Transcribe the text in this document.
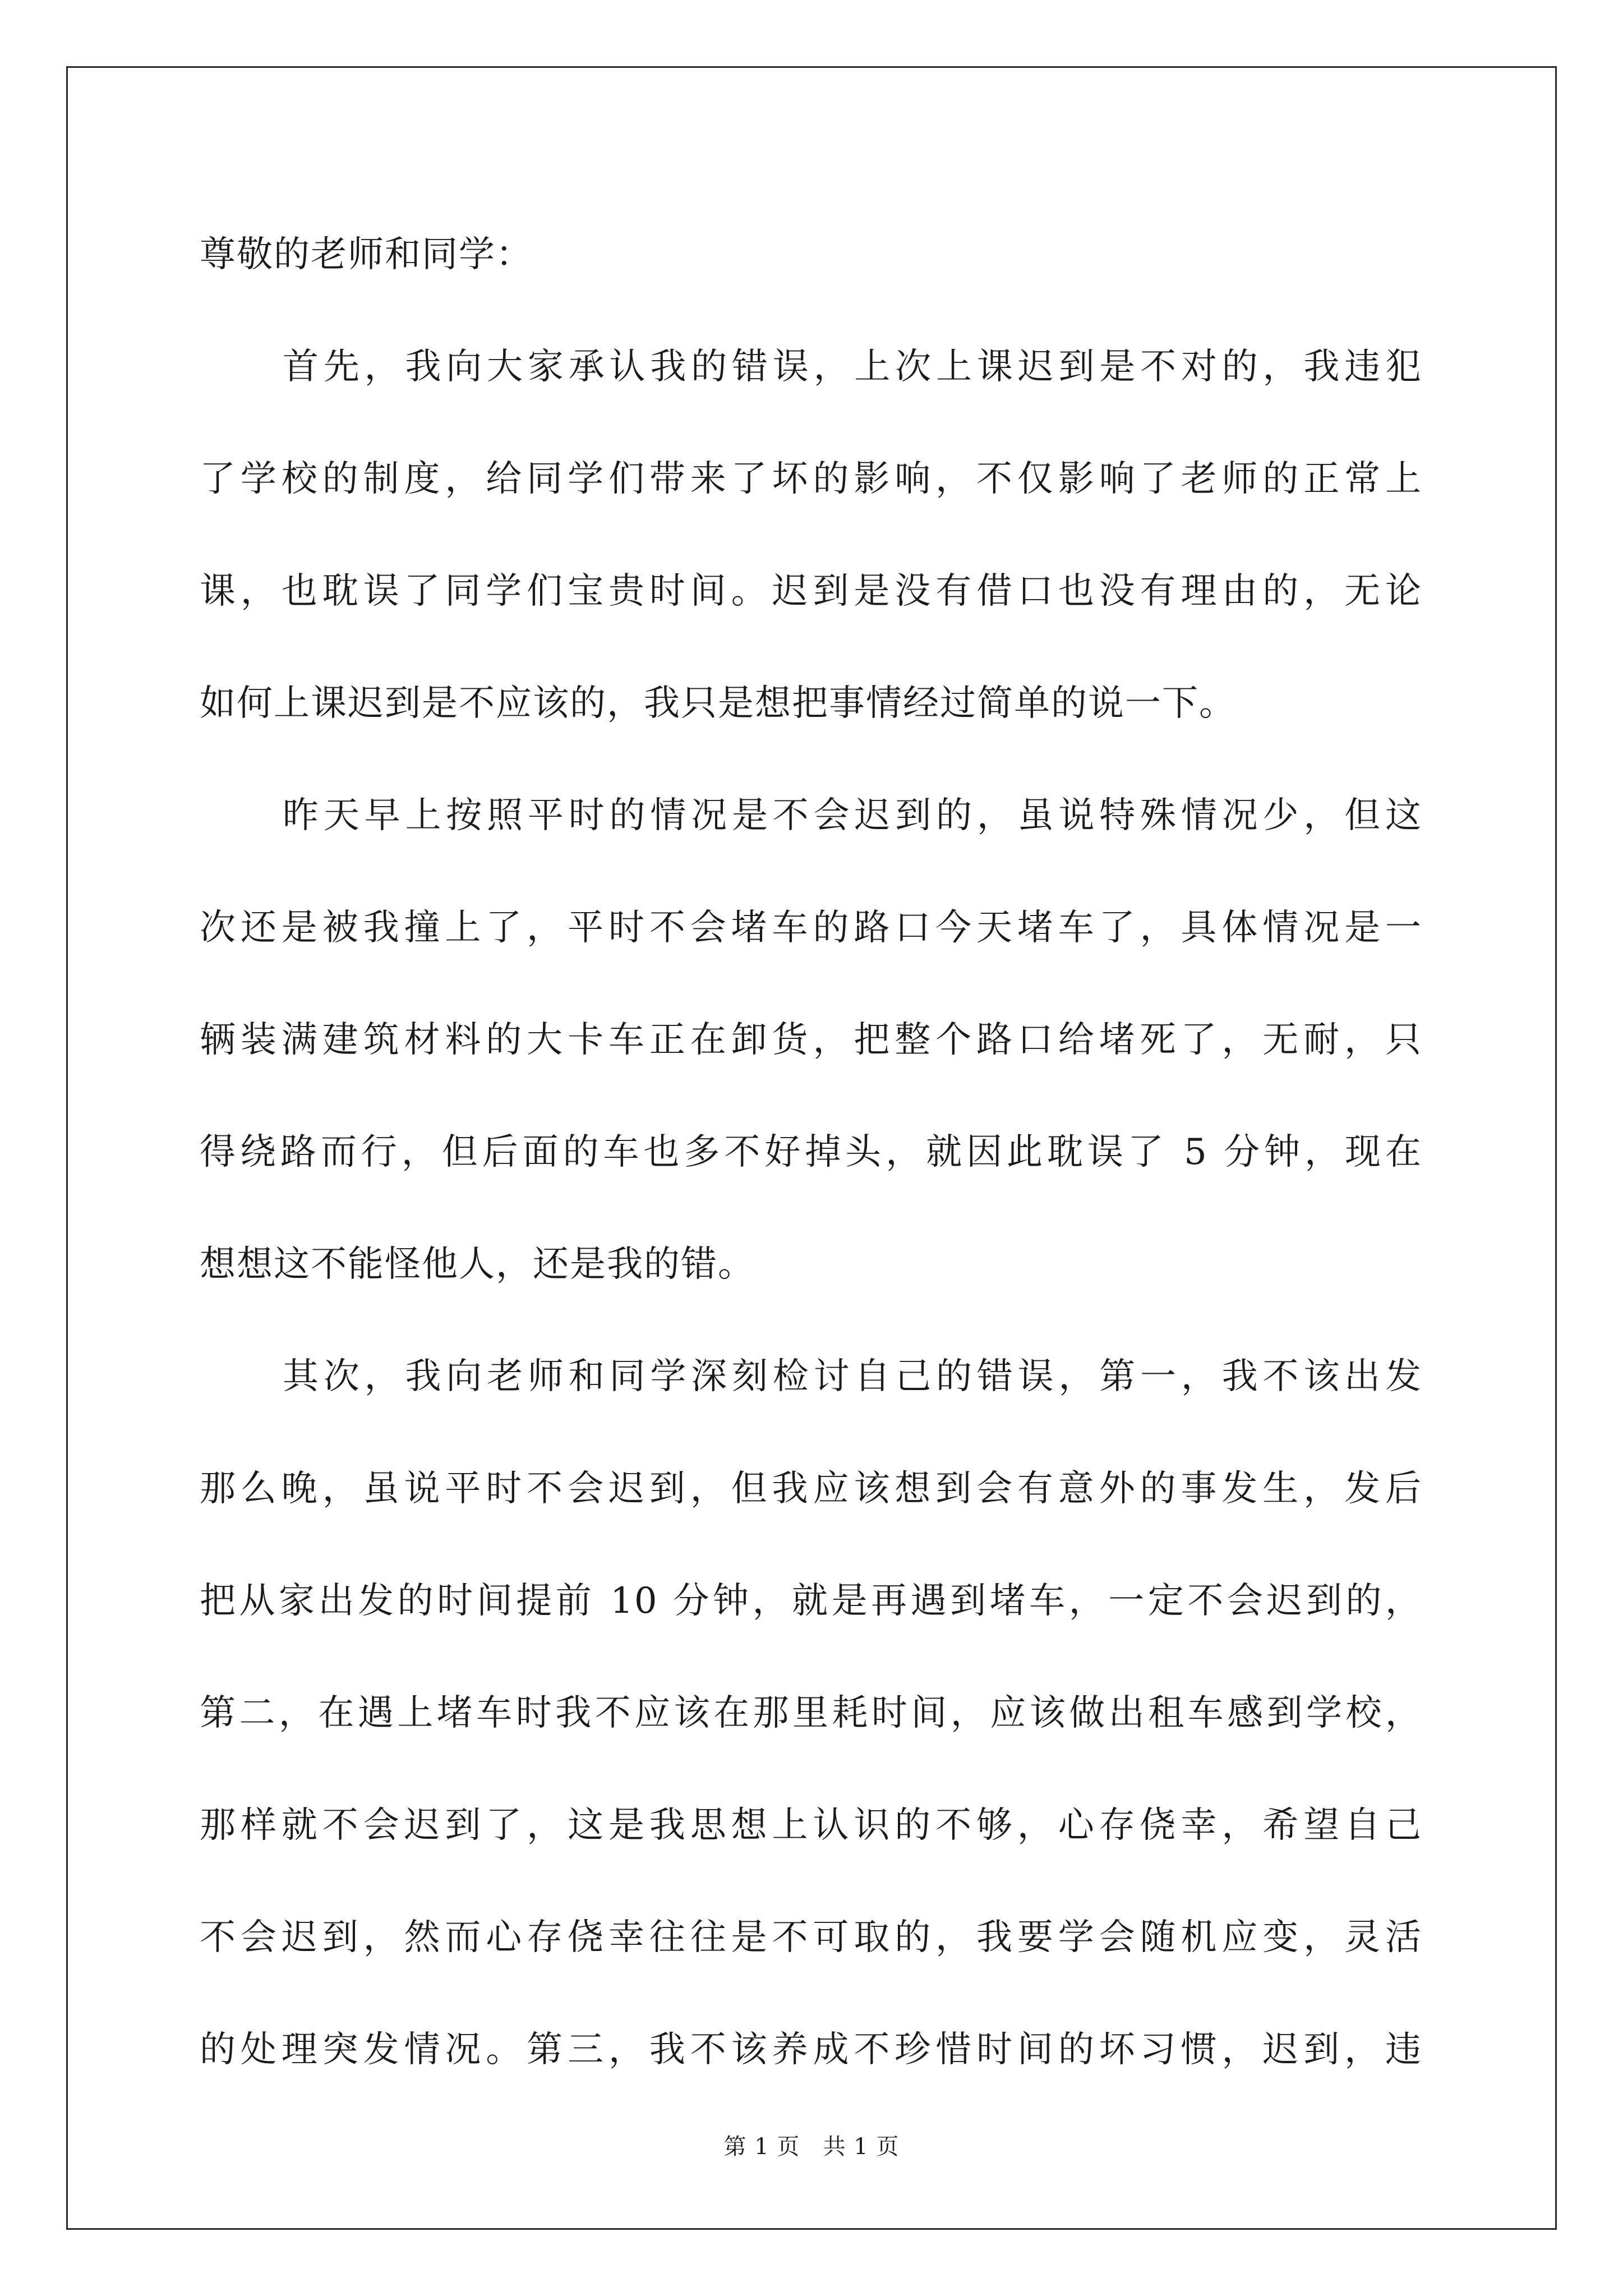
尊敬的老师和同学：
首先，我向大家承认我的错误，上次上课迟到是不对的，我违犯
了学校的制度，给同学们带来了坏的影响，不仅影响了老师的正常上
课，也耽误了同学们宝贵时间。迟到是没有借口也没有理由的，无论
如何上课迟到是不应该的，我只是想把事情经过简单的说一下。
昨天早上按照平时的情况是不会迟到的，虽说特殊情况少，但这
次还是被我撞上了，平时不会堵车的路口今天堵车了，具体情况是一
辆装满建筑材料的大卡车正在卸货，把整个路口给堵死了，无耐，只
得绕路而行，但后面的车也多不好掉头，就因此耽误了 5 分钟，现在
想想这不能怪他人，还是我的错。
其次，我向老师和同学深刻检讨自己的错误，第一，我不该出发
那么晚，虽说平时不会迟到，但我应该想到会有意外的事发生，发后
把从家出发的时间提前 10 分钟，就是再遇到堵车，一定不会迟到的，
第二，在遇上堵车时我不应该在那里耗时间，应该做出租车感到学校，
那样就不会迟到了，这是我思想上认识的不够，心存侥幸，希望自己
不会迟到，然而心存侥幸往往是不可取的，我要学会随机应变，灵活
的处理突发情况。第三，我不该养成不珍惜时间的坏习惯，迟到，违
第 1 页 共 1 页
